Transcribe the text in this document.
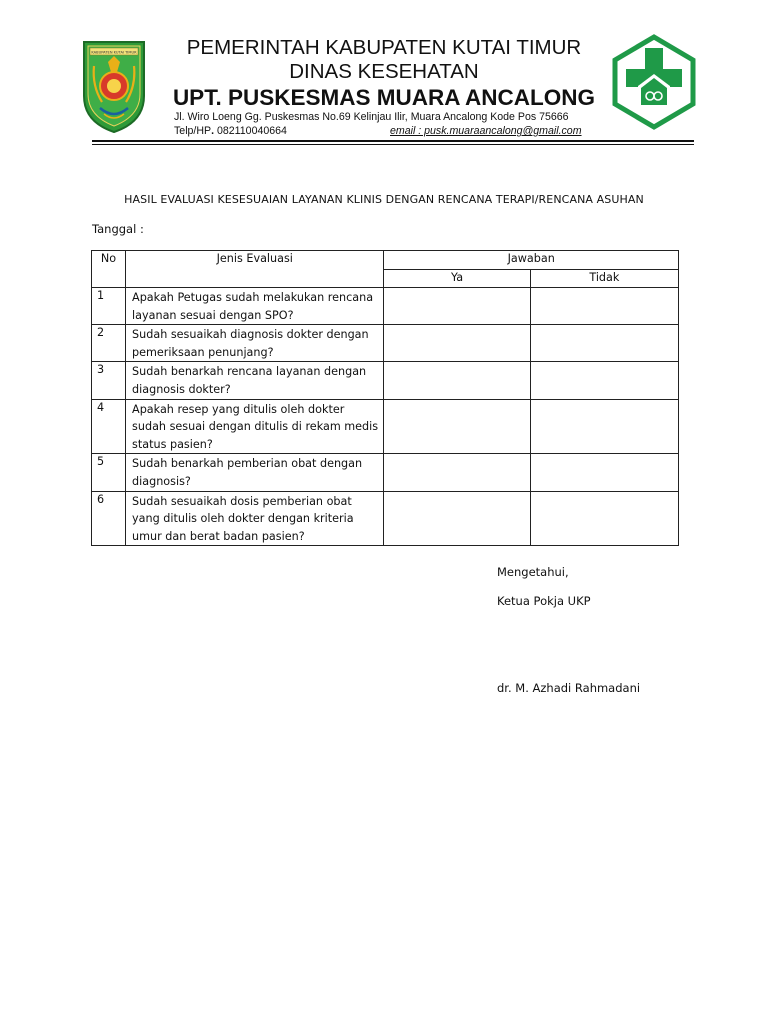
KABUPATEN KUTAI TIMUR	PEMERINTAH KABUPATEN KUTAI TIMUR
DINAS KESEHATAN
UPT. PUSKESMAS MUARA ANCALONG
Jl. Wiro Loeng Gg. Puskesmas No.69 Kelinjau Ilir, Muara Ancalong Kode Pos 75666
Telp/HP. 082110040664	email : pusk.muaraancalong@gmail.com
HASIL EVALUASI KESESUAIAN LAYANAN KLINIS DENGAN RENCANA TERAPI/RENCANA ASUHAN
Tanggal :
No	Jenis Evaluasi	Jawaban	
		Ya	Tidak
1	Apakah Petugas sudah melakukan rencana
layanan sesuai dengan SPO?		

2	Sudah sesuaikah diagnosis dokter dengan
pemeriksaan penunjang?		

3	Sudah benarkah rencana layanan dengan
diagnosis dokter?		

4	Apakah resep yang ditulis oleh dokter
sudah sesuai dengan ditulis di rekam medis
status pasien?		

5	Sudah benarkah pemberian obat dengan
diagnosis?		

6	Sudah sesuaikah dosis pemberian obat
yang ditulis oleh dokter dengan kriteria
umur dan berat badan pasien?		

Mengetahui,
Ketua Pokja UKP
dr. M. Azhadi Rahmadani
